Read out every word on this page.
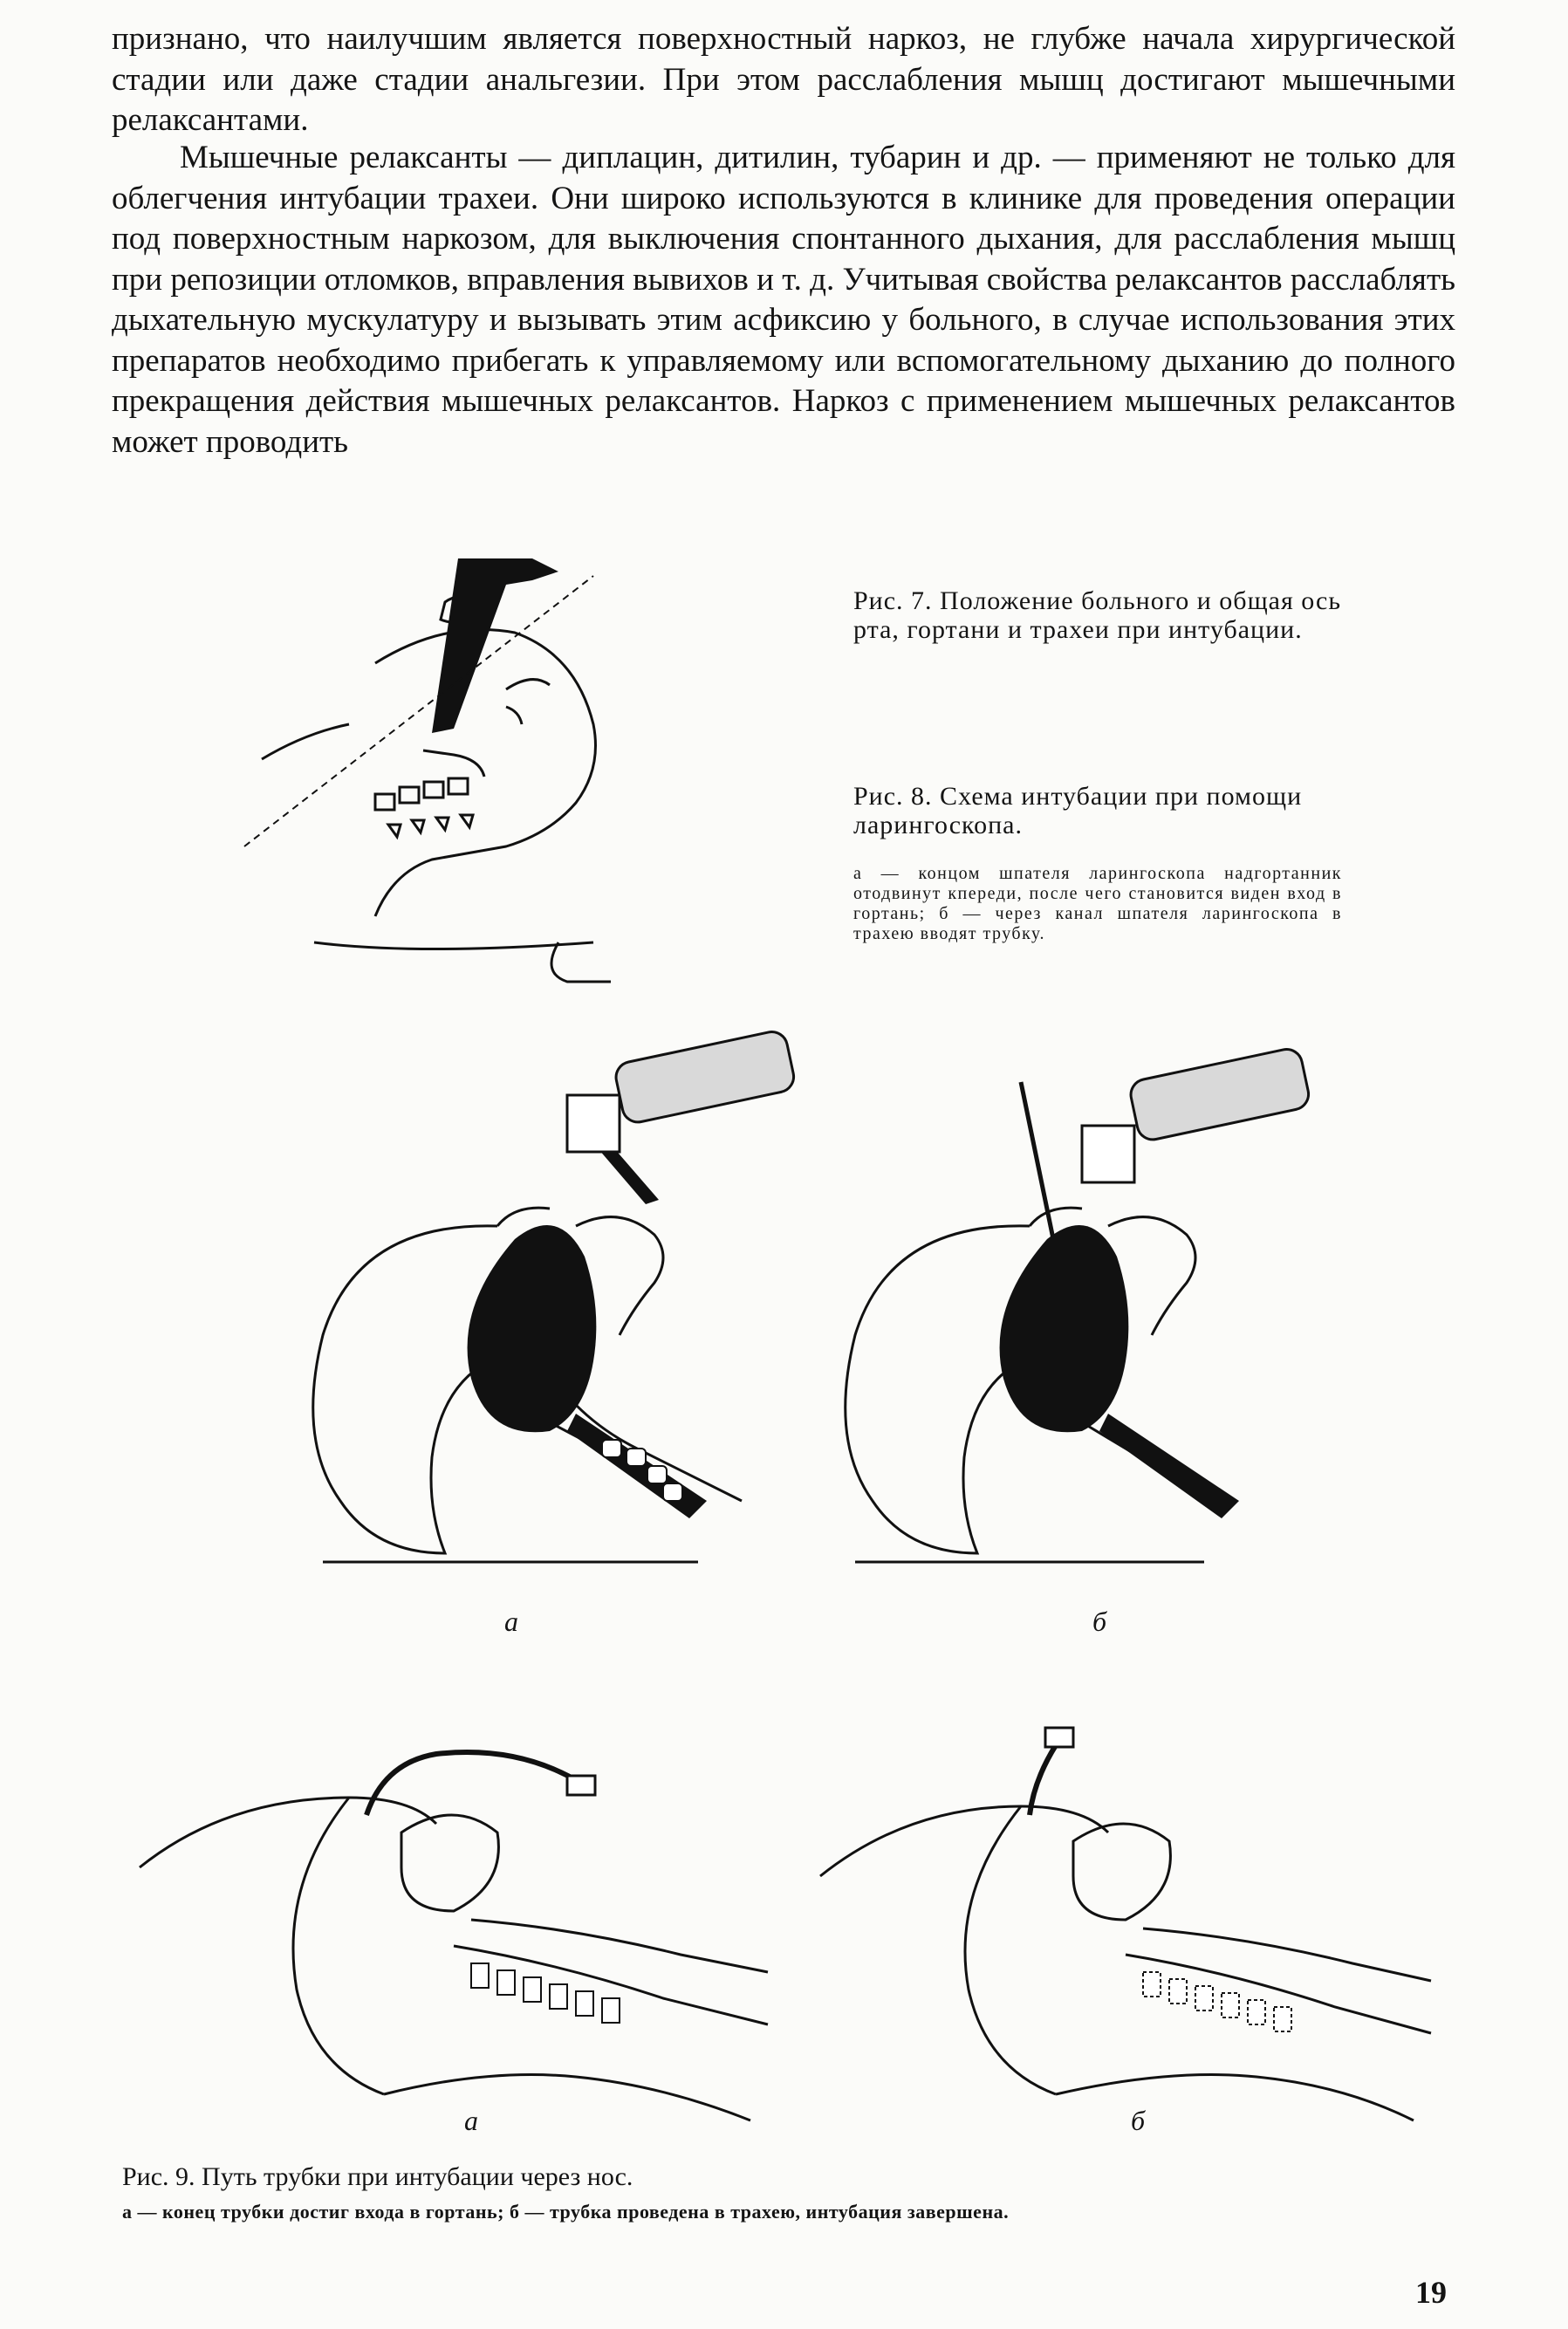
признано, что наилучшим является поверхностный наркоз, не глубже начала хирургической стадии или даже стадии анальгезии. При этом расслабления мышц достигают мышечными релаксантами.

Мышечные релаксанты — диплацин, дитилин, тубарин и др. — применяют не только для облегчения интубации трахеи. Они широко используются в клинике для проведения операции под поверхностным наркозом, для выключения спонтанного дыхания, для расслабления мышц при репозиции отломков, вправления вывихов и т. д. Учитывая свойства релаксантов расслаблять дыхательную мускулатуру и вызывать этим асфиксию у больного, в случае использования этих препаратов необходимо прибегать к управляемому или вспомогательному дыханию до полного прекращения действия мышечных релаксантов. Наркоз с применением мышечных релаксантов может проводить

Рис. 7. Положение больного и общая ось рта, гортани и трахеи при интубации.

Рис. 8. Схема интубации при помощи ларингоскопа.

а — концом шпателя ларингоскопа надгортанник отодвинут кпереди, после чего становится виден вход в гортань; б — через канал шпателя ларингоскопа в трахею вводят трубку.

а	б

а	б

Рис. 9. Путь трубки при интубации через нос.

а — конец трубки достиг входа в гортань; б — трубка проведена в трахею, интубация завершена.

19
